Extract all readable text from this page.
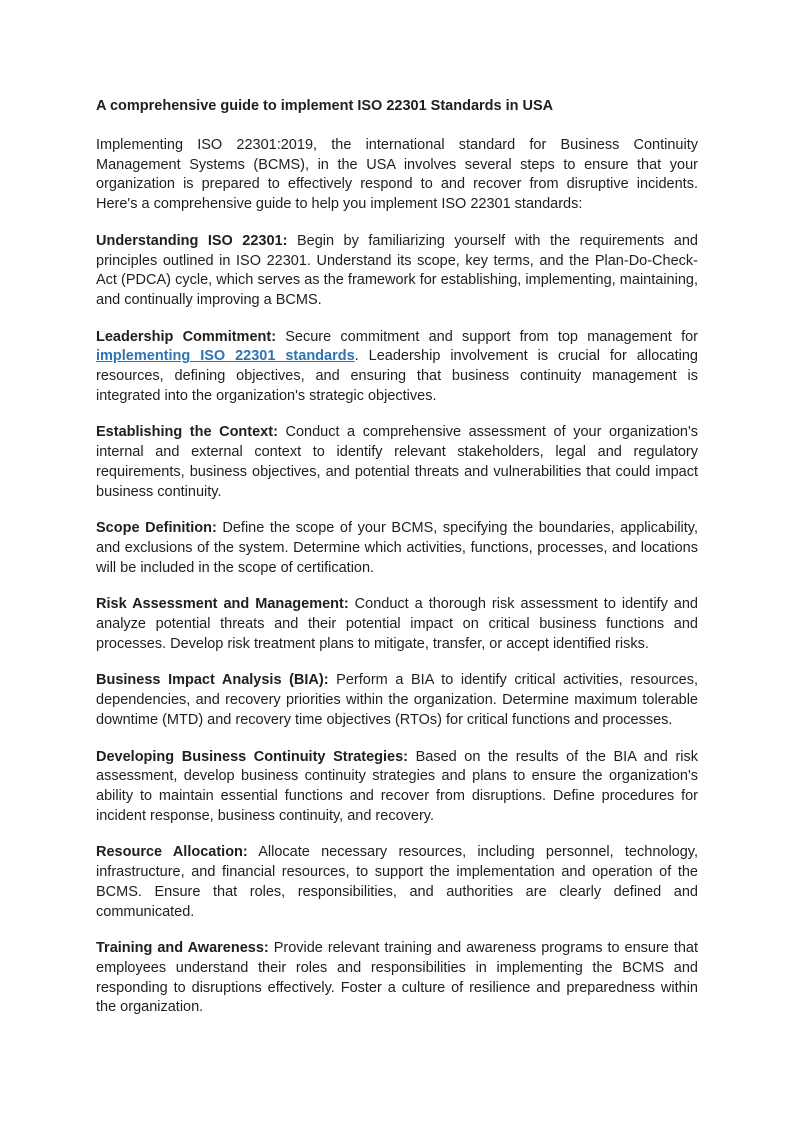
A comprehensive guide to implement ISO 22301 Standards in USA

Implementing ISO 22301:2019, the international standard for Business Continuity Management Systems (BCMS), in the USA involves several steps to ensure that your organization is prepared to effectively respond to and recover from disruptive incidents. Here's a comprehensive guide to help you implement ISO 22301 standards:

Understanding ISO 22301: Begin by familiarizing yourself with the requirements and principles outlined in ISO 22301. Understand its scope, key terms, and the Plan-Do-Check-Act (PDCA) cycle, which serves as the framework for establishing, implementing, maintaining, and continually improving a BCMS.

Leadership Commitment: Secure commitment and support from top management for implementing ISO 22301 standards. Leadership involvement is crucial for allocating resources, defining objectives, and ensuring that business continuity management is integrated into the organization's strategic objectives.

Establishing the Context: Conduct a comprehensive assessment of your organization's internal and external context to identify relevant stakeholders, legal and regulatory requirements, business objectives, and potential threats and vulnerabilities that could impact business continuity.

Scope Definition: Define the scope of your BCMS, specifying the boundaries, applicability, and exclusions of the system. Determine which activities, functions, processes, and locations will be included in the scope of certification.

Risk Assessment and Management: Conduct a thorough risk assessment to identify and analyze potential threats and their potential impact on critical business functions and processes. Develop risk treatment plans to mitigate, transfer, or accept identified risks.

Business Impact Analysis (BIA): Perform a BIA to identify critical activities, resources, dependencies, and recovery priorities within the organization. Determine maximum tolerable downtime (MTD) and recovery time objectives (RTOs) for critical functions and processes.

Developing Business Continuity Strategies: Based on the results of the BIA and risk assessment, develop business continuity strategies and plans to ensure the organization's ability to maintain essential functions and recover from disruptions. Define procedures for incident response, business continuity, and recovery.

Resource Allocation: Allocate necessary resources, including personnel, technology, infrastructure, and financial resources, to support the implementation and operation of the BCMS. Ensure that roles, responsibilities, and authorities are clearly defined and communicated.

Training and Awareness: Provide relevant training and awareness programs to ensure that employees understand their roles and responsibilities in implementing the BCMS and responding to disruptions effectively. Foster a culture of resilience and preparedness within the organization.
